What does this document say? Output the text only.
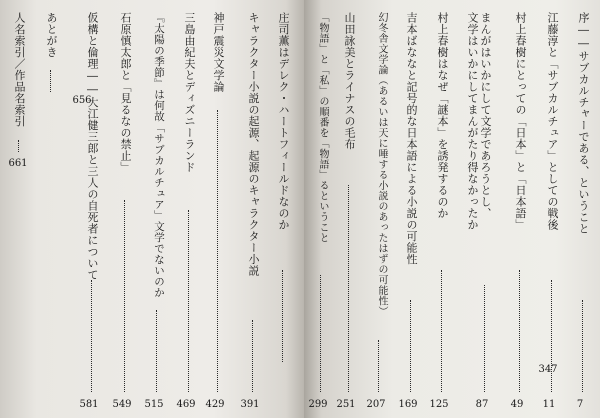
序――サブカルチャーである、ということ
7
江藤淳と「サブカルチュア」としての戦後
11
村上春樹にとっての「日本」と「日本語」
49
まんがはいかにして文学であろうとし、
文学はいかにしてまんがたり得なかったか
87
村上春樹はなぜ「謎本」を誘発するのか
125
吉本ばななと記号的な日本語による小説の可能性
169
幻冬舎文学論（あるいは天に唾する小説のあったはずの可能性）
207
山田詠美とライナスの毛布
251
「物語」と「私」の順番を「物語」るということ
299
庄司薫はデレク・ハートフィールドなのか
347
キャラクター小説の起源、起源のキャラクター小説
391
神戸震災文学論
429
三島由紀夫とディズニーランド
469
『太陽の季節』は何故「サブカルチュア」文学でないのか
515
石原慎太郎と「見るなの禁止」
549
仮構と倫理――大江健三郎と三人の自死者について
581
あとがき
656
人名索引／作品名索引
661
